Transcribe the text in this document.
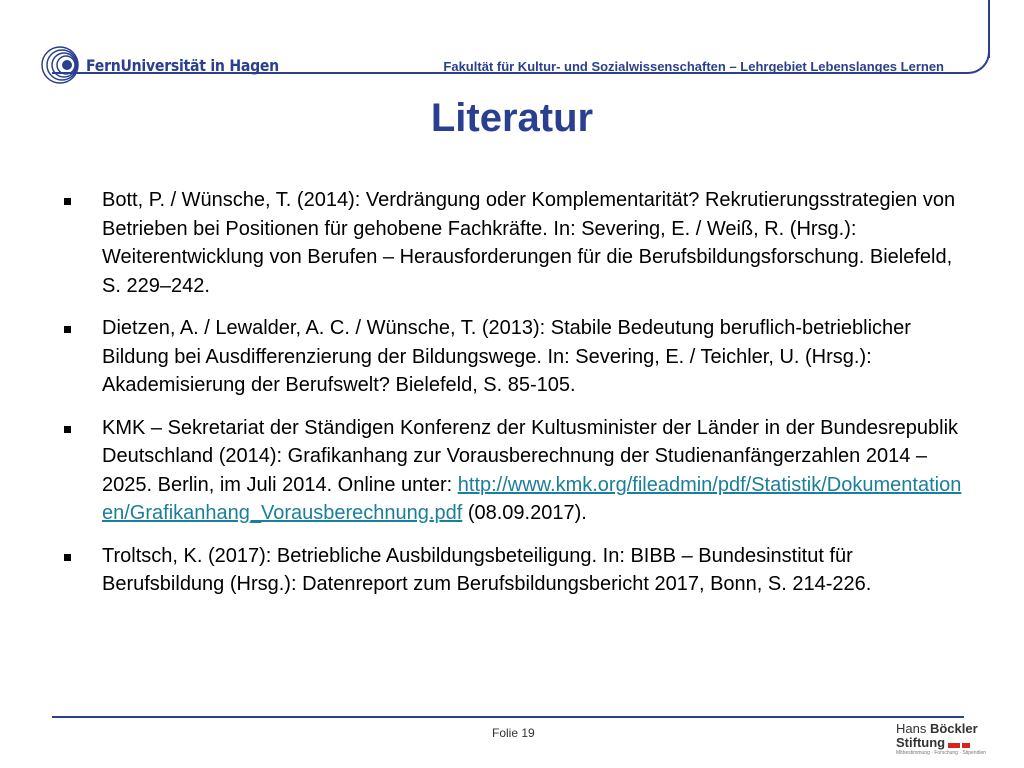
FernUniversität in Hagen	Fakultät für Kultur- und Sozialwissenschaften – Lehrgebiet Lebenslanges Lernen
Literatur
Bott, P. / Wünsche, T. (2014): Verdrängung oder Komplementarität? Rekrutierungsstrategien von Betrieben bei Positionen für gehobene Fachkräfte. In: Severing, E. / Weiß, R. (Hrsg.): Weiterentwicklung von Berufen – Herausforderungen für die Berufsbildungsforschung. Bielefeld, S. 229–242.
Dietzen, A. / Lewalder, A. C. / Wünsche, T. (2013): Stabile Bedeutung beruflich-betrieblicher Bildung bei Ausdifferenzierung der Bildungswege. In: Severing, E. / Teichler, U. (Hrsg.): Akademisierung der Berufswelt? Bielefeld, S. 85-105.
KMK – Sekretariat der Ständigen Konferenz der Kultusminister der Länder in der Bundesrepublik Deutschland (2014): Grafikanhang zur Vorausberechnung der Studienanfängerzahlen 2014 – 2025. Berlin, im Juli 2014. Online unter: http://www.kmk.org/fileadmin/pdf/Statistik/Dokumentationen/Grafikanhang_Vorausberechnung.pdf (08.09.2017).
Troltsch, K. (2017): Betriebliche Ausbildungsbeteiligung. In: BIBB – Bundesinstitut für Berufsbildung (Hrsg.): Datenreport zum Berufsbildungsbericht 2017, Bonn, S. 214-226.
Folie 19	Hans Böckler
Stiftung
Mitbestimmung · Forschung · Stipendien
